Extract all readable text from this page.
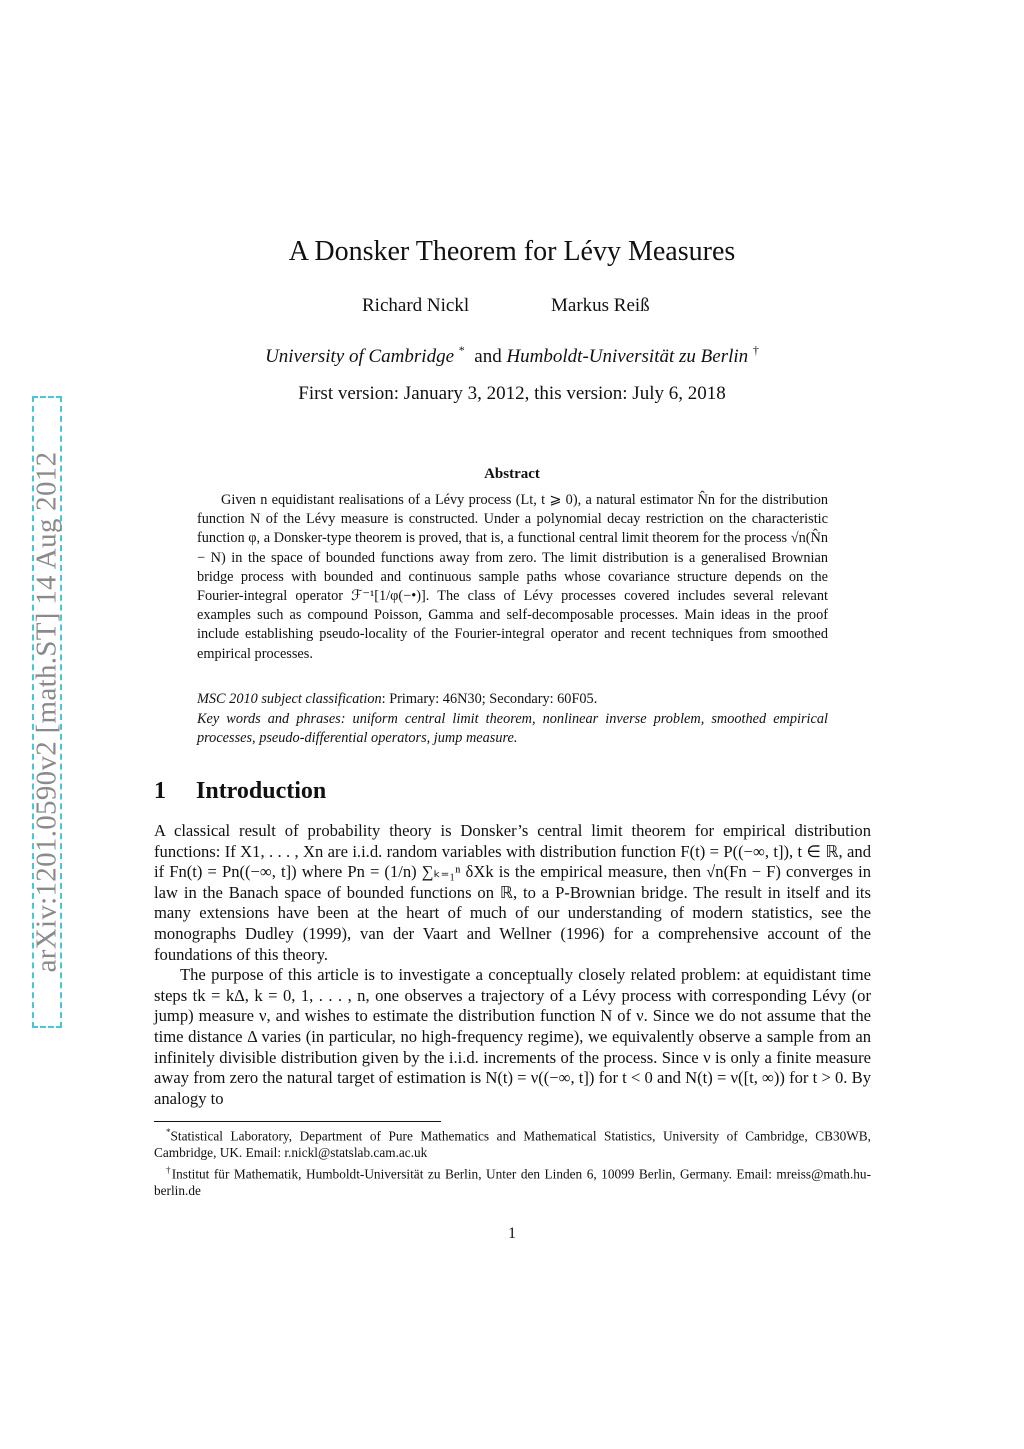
arXiv:1201.0590v2 [math.ST] 14 Aug 2012
A Donsker Theorem for Lévy Measures
Richard Nickl	Markus Reiß
University of Cambridge * and Humboldt-Universität zu Berlin †
First version: January 3, 2012, this version: July 6, 2018
Abstract

Given n equidistant realisations of a Lévy process (Lt, t ⩾ 0), a natural estimator N̂n for the distribution function N of the Lévy measure is constructed. Under a polynomial decay restriction on the characteristic function φ, a Donsker-type theorem is proved, that is, a functional central limit theorem for the process √n(N̂n − N) in the space of bounded functions away from zero. The limit distribution is a generalised Brownian bridge process with bounded and continuous sample paths whose covariance structure depends on the Fourier-integral operator ℱ⁻¹[1/φ(−•)]. The class of Lévy processes covered includes several relevant examples such as compound Poisson, Gamma and self-decomposable processes. Main ideas in the proof include establishing pseudo-locality of the Fourier-integral operator and recent techniques from smoothed empirical processes.

MSC 2010 subject classification: Primary: 46N30; Secondary: 60F05.

Key words and phrases: uniform central limit theorem, nonlinear inverse problem, smoothed empirical processes, pseudo-differential operators, jump measure.

1 Introduction

A classical result of probability theory is Donsker’s central limit theorem for empirical distribution functions: If X1, . . . , Xn are i.i.d. random variables with distribution function F(t) = P((−∞, t]), t ∈ ℝ, and if Fn(t) = Pn((−∞, t]) where Pn = (1/n) ∑ₖ₌₁ⁿ δXk is the empirical measure, then √n(Fn − F) converges in law in the Banach space of bounded functions on ℝ, to a P-Brownian bridge. The result in itself and its many extensions have been at the heart of much of our understanding of modern statistics, see the monographs Dudley (1999), van der Vaart and Wellner (1996) for a comprehensive account of the foundations of this theory.

The purpose of this article is to investigate a conceptually closely related problem: at equidistant time steps tk = kΔ, k = 0, 1, . . . , n, one observes a trajectory of a Lévy process with corresponding Lévy (or jump) measure ν, and wishes to estimate the distribution function N of ν. Since we do not assume that the time distance Δ varies (in particular, no high-frequency regime), we equivalently observe a sample from an infinitely divisible distribution given by the i.i.d. increments of the process. Since ν is only a finite measure away from zero the natural target of estimation is N(t) = ν((−∞, t]) for t < 0 and N(t) = ν([t, ∞)) for t > 0. By analogy to

*Statistical Laboratory, Department of Pure Mathematics and Mathematical Statistics, University of Cambridge, CB30WB, Cambridge, UK. Email: r.nickl@statslab.cam.ac.uk

†Institut für Mathematik, Humboldt-Universität zu Berlin, Unter den Linden 6, 10099 Berlin, Germany. Email: mreiss@math.hu-berlin.de

1
